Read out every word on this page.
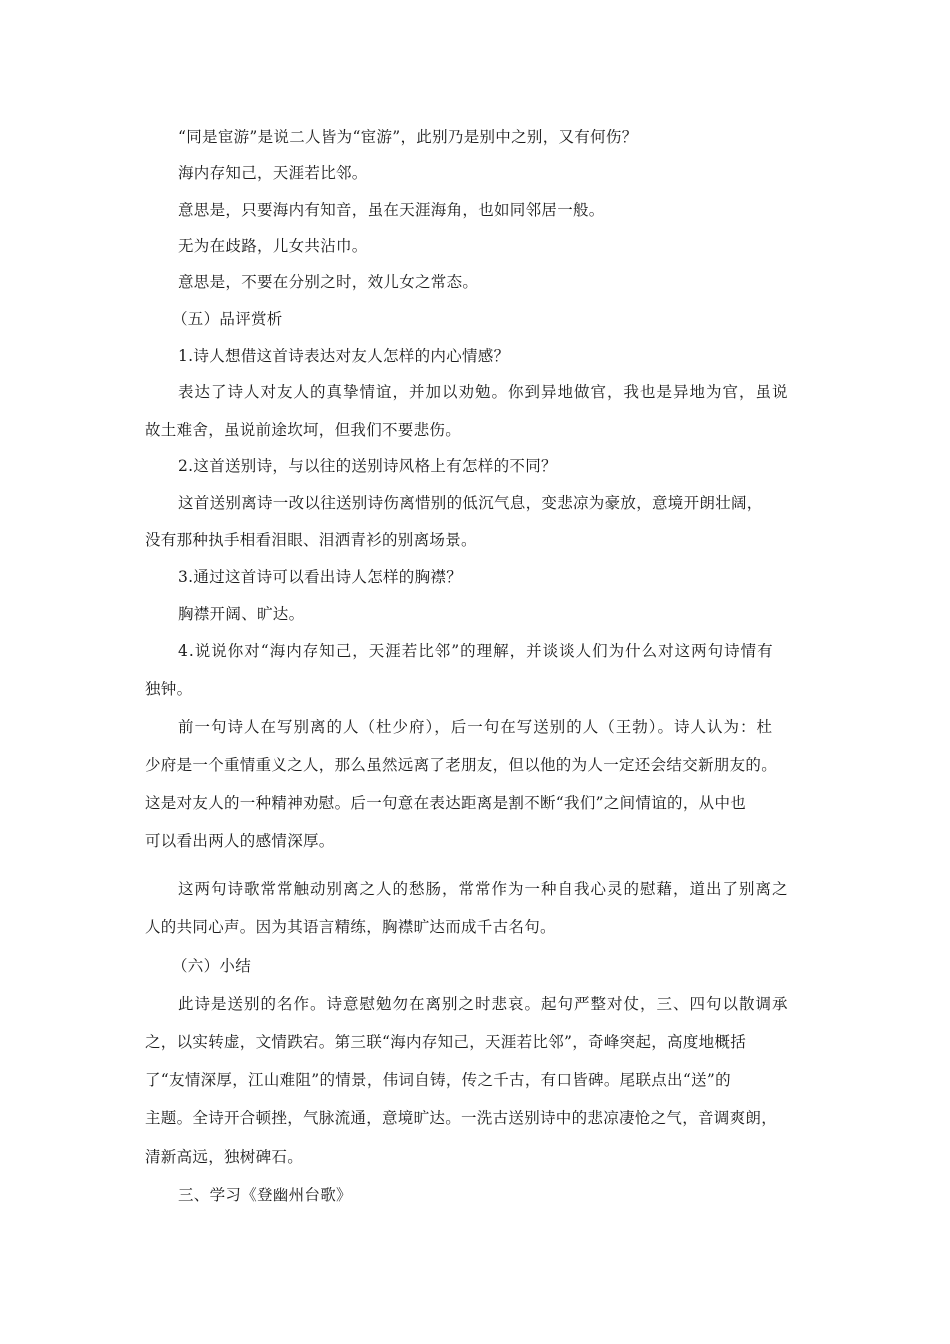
“同是宦游”是说二人皆为“宦游”，此别乃是别中之别，又有何伤？
海内存知己，天涯若比邻。
意思是，只要海内有知音，虽在天涯海角，也如同邻居一般。
无为在歧路，儿女共沾巾。
意思是，不要在分别之时，效儿女之常态。
（五）品评赏析
1.诗人想借这首诗表达对友人怎样的内心情感？
表达了诗人对友人的真挚情谊，并加以劝勉。你到异地做官，我也是异地为官，虽说
故土难舍，虽说前途坎坷，但我们不要悲伤。
2.这首送别诗，与以往的送别诗风格上有怎样的不同？
这首送别离诗一改以往送别诗伤离惜别的低沉气息，变悲凉为豪放，意境开朗壮阔，
没有那种执手相看泪眼、泪洒青衫的别离场景。
3.通过这首诗可以看出诗人怎样的胸襟？
胸襟开阔、旷达。
4.说说你对“海内存知己，天涯若比邻”的理解，并谈谈人们为什么对这两句诗情有
独钟。
前一句诗人在写别离的人（杜少府），后一句在写送别的人（王勃）。诗人认为：杜
少府是一个重情重义之人，那么虽然远离了老朋友，但以他的为人一定还会结交新朋友的。
这是对友人的一种精神劝慰。后一句意在表达距离是割不断“我们”之间情谊的，从中也
可以看出两人的感情深厚。
这两句诗歌常常触动别离之人的愁肠，常常作为一种自我心灵的慰藉，道出了别离之
人的共同心声。因为其语言精练，胸襟旷达而成千古名句。
（六）小结
此诗是送别的名作。诗意慰勉勿在离别之时悲哀。起句严整对仗，三、四句以散调承
之，以实转虚，文情跌宕。第三联“海内存知己，天涯若比邻”，奇峰突起，高度地概括
了“友情深厚，江山难阻”的情景，伟词自铸，传之千古，有口皆碑。尾联点出“送”的
主题。全诗开合顿挫，气脉流通，意境旷达。一洗古送别诗中的悲凉凄怆之气，音调爽朗，
清新高远，独树碑石。
三、学习《登幽州台歌》
